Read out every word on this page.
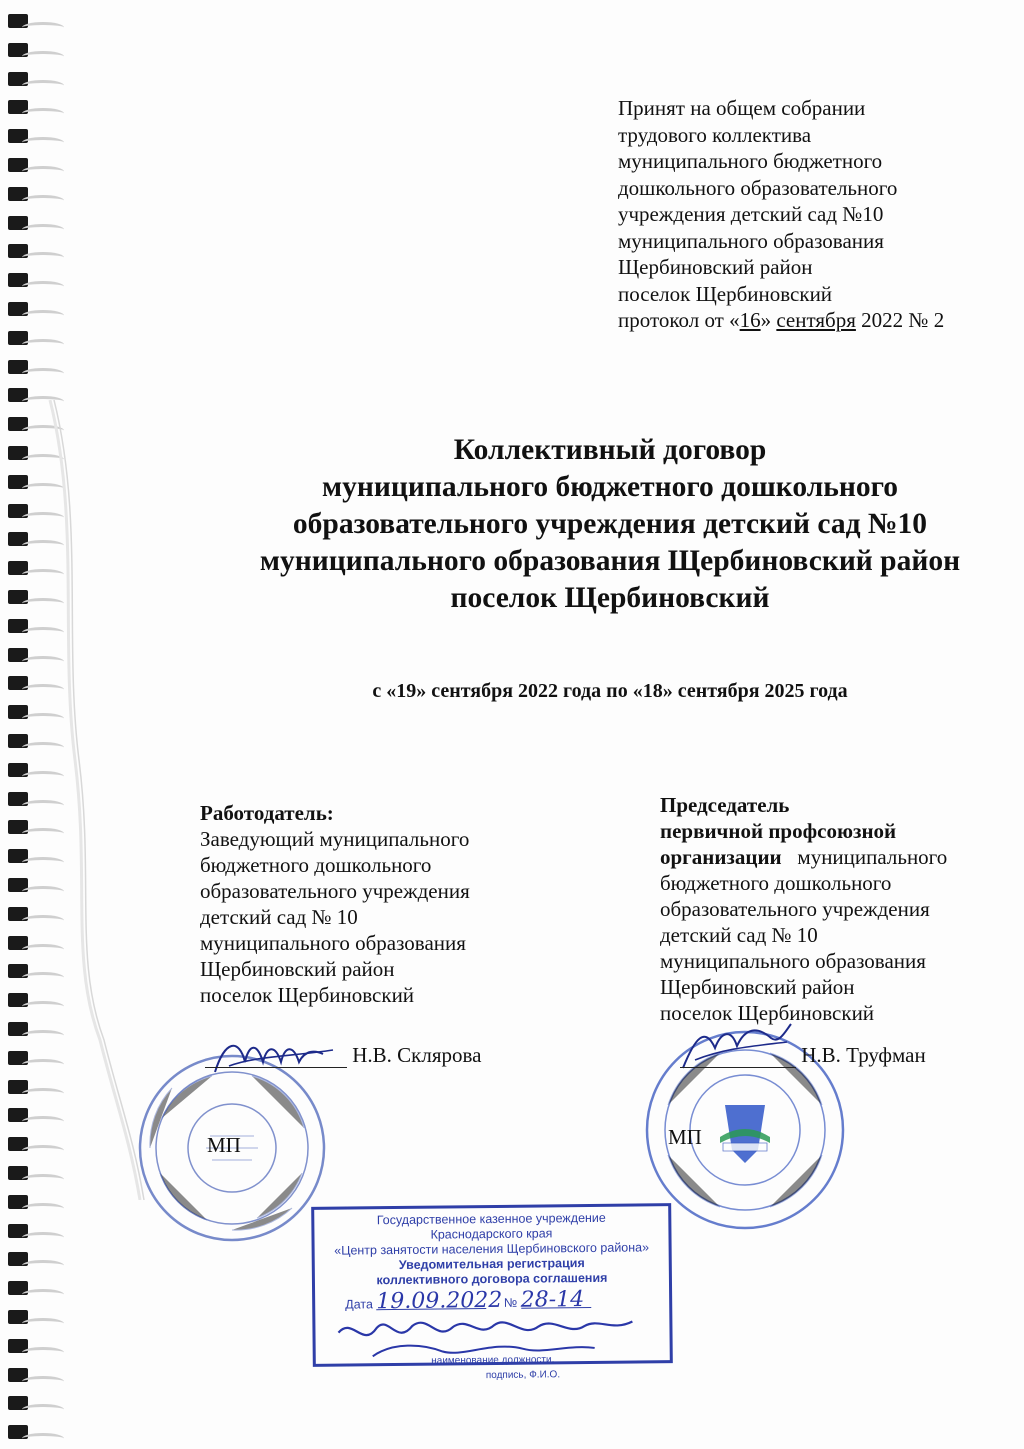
Принят на общем собрании
трудового коллектива
муниципального бюджетного
дошкольного образовательного
учреждения детский сад №10
муниципального образования
Щербиновский район
поселок Щербиновский
протокол от «16» сентября 2022 № 2
Коллективный договор
муниципального бюджетного дошкольного
образовательного учреждения детский сад №10
муниципального образования Щербиновский район
поселок Щербиновский
с «19» сентября 2022 года по «18» сентября 2025 года
Работодатель:
Заведующий муниципального
бюджетного дошкольного
образовательного учреждения
детский сад № 10
муниципального образования
Щербиновский район
поселок Щербиновский
Председатель
первичной профсоюзной
организации   муниципального
бюджетного дошкольного
образовательного учреждения
детский сад № 10
муниципального образования
Щербиновский район
поселок Щербиновский
Н.В. Склярова	Н.В. Труфман
МП	МП
Государственное казенное учреждение
Краснодарского края
«Центр занятости населения Щербиновского района»
Уведомительная регистрация
коллективного договора соглашения
Дата 19.09.2022 № 28-14
наименование должности,
подпись, Ф.И.О.
